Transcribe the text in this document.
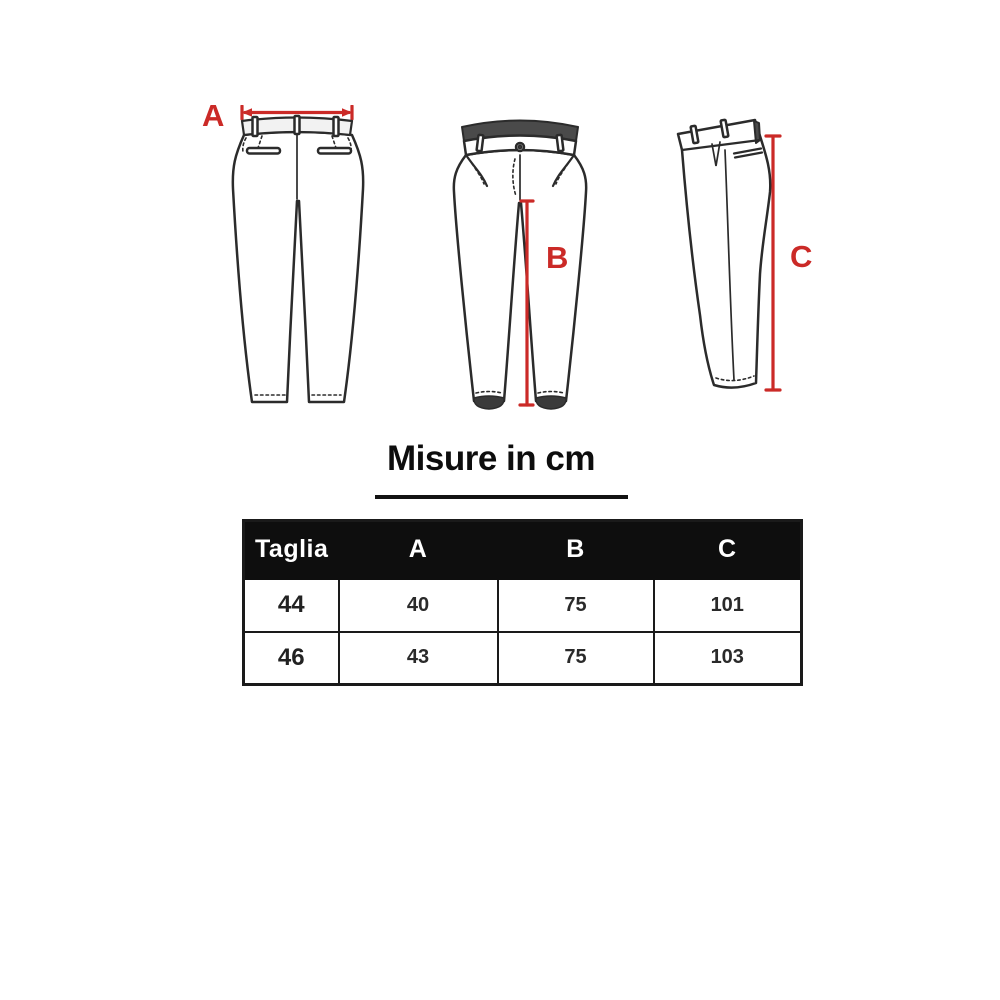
A
B	C
Misure in cm
Taglia	A	B	C
44	40	75	101
46	43	75	103
